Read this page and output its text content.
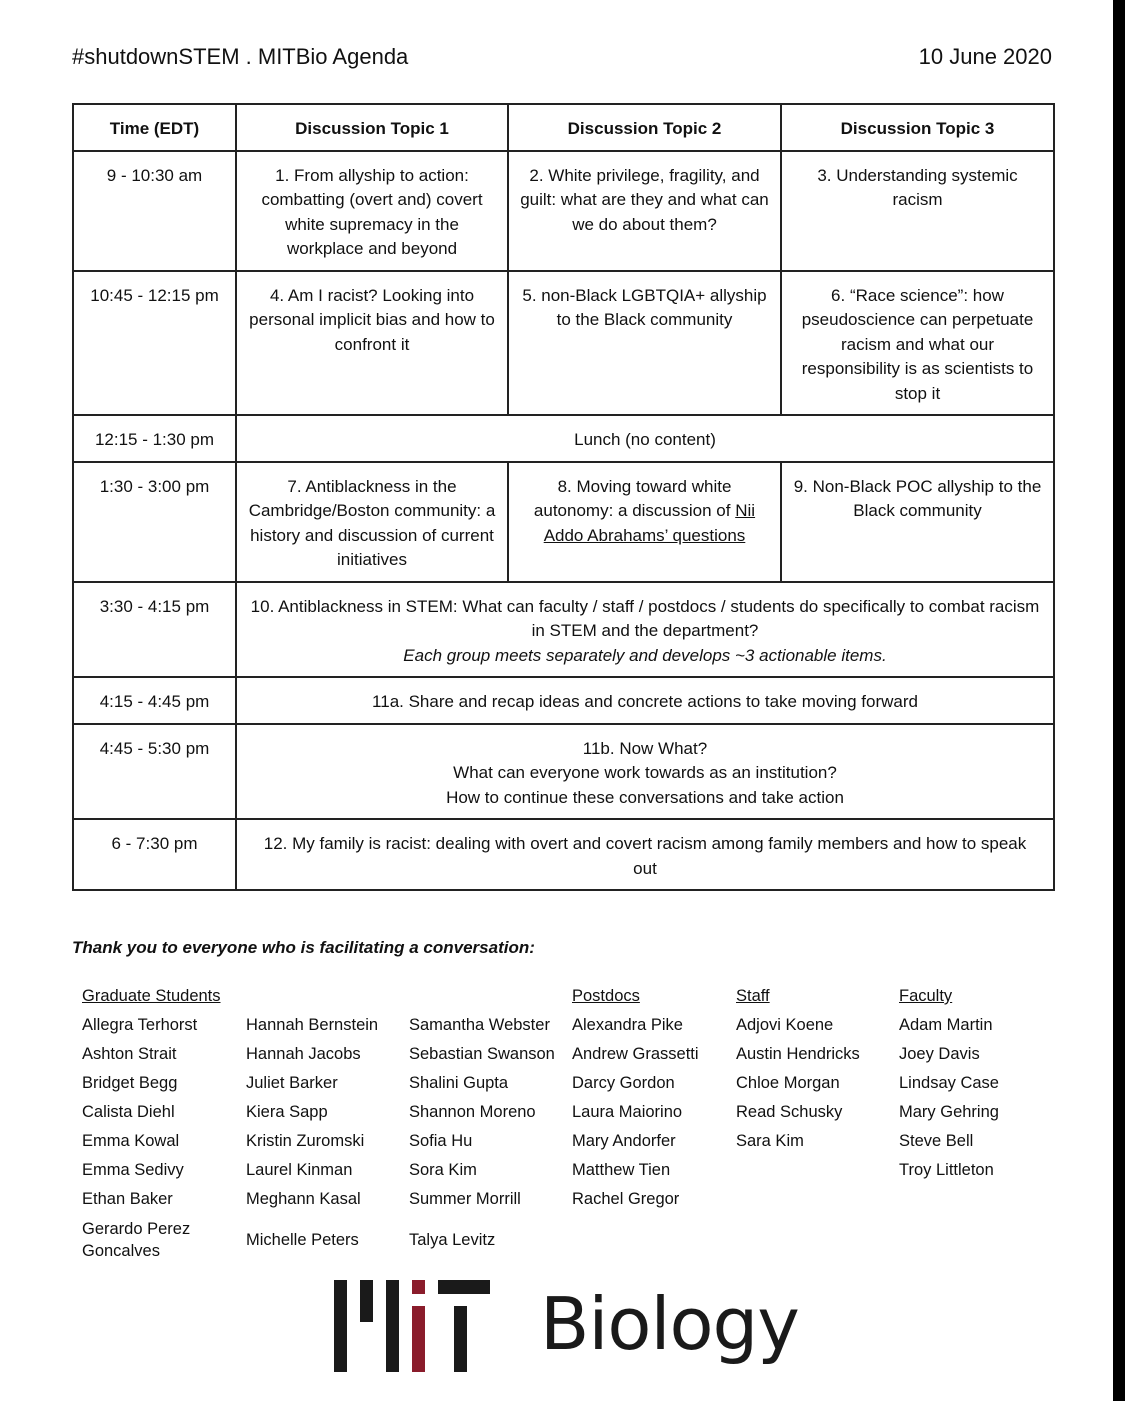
#shutdownSTEM . MITBio Agenda	10 June 2020
Time (EDT)	Discussion Topic 1	Discussion Topic 2	Discussion Topic 3
9 - 10:30 am	1. From allyship to action: combatting (overt and) covert white supremacy in the workplace and beyond	2. White privilege, fragility, and guilt: what are they and what can we do about them?	3. Understanding systemic racism
10:45 - 12:15 pm	4. Am I racist? Looking into personal implicit bias and how to confront it	5. non-Black LGBTQIA+ allyship to the Black community	6. “Race science”: how pseudoscience can perpetuate racism and what our responsibility is as scientists to stop it
12:15 - 1:30 pm	Lunch (no content)		
1:30 - 3:00 pm	7. Antiblackness in the Cambridge/Boston community: a history and discussion of current initiatives	8. Moving toward white autonomy: a discussion of Nii Addo Abrahams’ questions	9. Non-Black POC allyship to the Black community
3:30 - 4:15 pm	10. Antiblackness in STEM: What can faculty / staff / postdocs / students do specifically to combat racism in STEM and the department?
Each group meets separately and develops ~3 actionable items.		

4:15 - 4:45 pm	11a. Share and recap ideas and concrete actions to take moving forward		
4:45 - 5:30 pm	11b. Now What?
What can everyone work towards as an institution?
How to continue these conversations and take action		

6 - 7:30 pm	12. My family is racist: dealing with overt and covert racism among family members and how to speak out		
Thank you to everyone who is facilitating a conversation:
Graduate Students
Allegra Terhorst
Ashton Strait
Bridget Begg
Calista Diehl
Emma Kowal
Emma Sedivy
Ethan Baker
Gerardo Perez Goncalves
Hannah Bernstein
Hannah Jacobs
Juliet Barker
Kiera Sapp
Kristin Zuromski
Laurel Kinman
Meghann Kasal
Michelle Peters
Samantha Webster
Sebastian Swanson
Shalini Gupta
Shannon Moreno
Sofia Hu
Sora Kim
Summer Morrill
Talya Levitz
Postdocs
Alexandra Pike
Andrew Grassetti
Darcy Gordon
Laura Maiorino
Mary Andorfer
Matthew Tien
Rachel Gregor
Staff
Adjovi Koene
Austin Hendricks
Chloe Morgan
Read Schusky
Sara Kim
Faculty
Adam Martin
Joey Davis
Lindsay Case
Mary Gehring
Steve Bell
Troy Littleton
Biology
